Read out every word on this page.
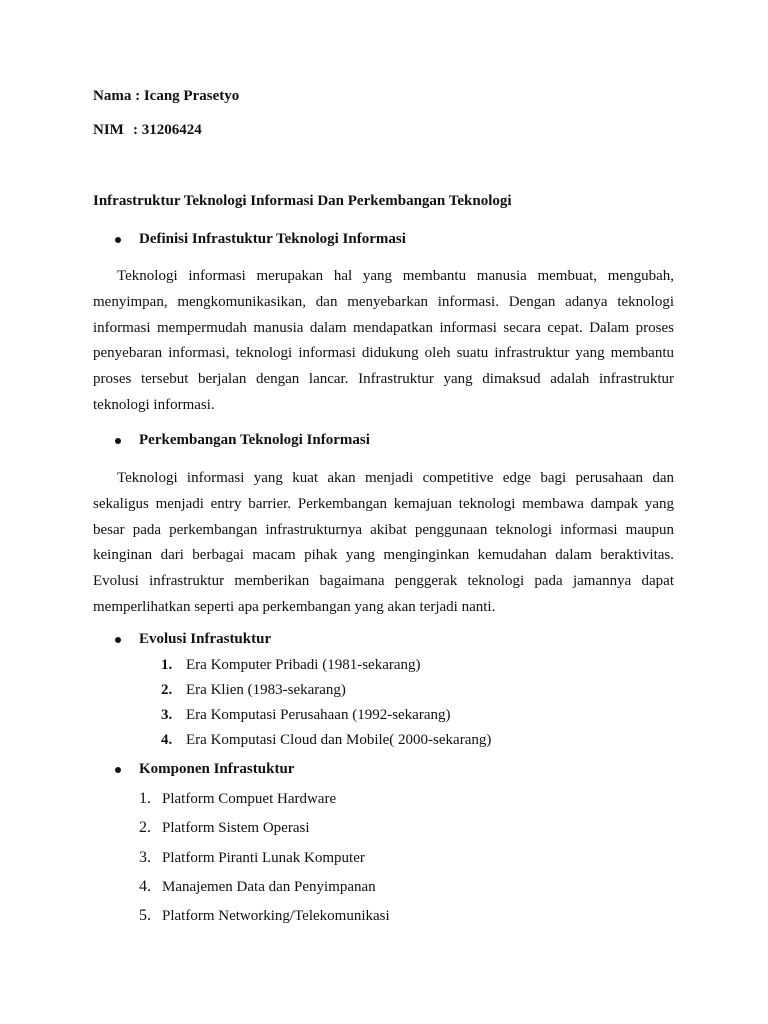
Nama : Icang Prasetyo
NIM : 31206424
Infrastruktur Teknologi Informasi Dan Perkembangan Teknologi
Definisi Infrastuktur Teknologi Informasi
Teknologi informasi merupakan hal yang membantu manusia membuat, mengubah,
menyimpan, mengkomunikasikan, dan menyebarkan informasi. Dengan adanya teknologi
informasi mempermudah manusia dalam mendapatkan informasi secara cepat. Dalam proses
penyebaran informasi, teknologi informasi didukung oleh suatu infrastruktur yang membantu
proses tersebut berjalan dengan lancar. Infrastruktur yang dimaksud adalah infrastruktur
teknologi informasi.
Perkembangan Teknologi Informasi
Teknologi informasi yang kuat akan menjadi competitive edge bagi perusahaan dan
sekaligus menjadi entry barrier. Perkembangan kemajuan teknologi membawa dampak yang
besar pada perkembangan infrastrukturnya akibat penggunaan teknologi informasi maupun
keinginan dari berbagai macam pihak yang menginginkan kemudahan dalam beraktivitas.
Evolusi infrastruktur memberikan bagaimana penggerak teknologi pada jamannya dapat
memperlihatkan seperti apa perkembangan yang akan terjadi nanti.
Evolusi Infrastuktur
1. Era Komputer Pribadi (1981-sekarang)
2. Era Klien (1983-sekarang)
3. Era Komputasi Perusahaan (1992-sekarang)
4. Era Komputasi Cloud dan Mobile( 2000-sekarang)
Komponen Infrastuktur
1. Platform Compuet Hardware
2. Platform Sistem Operasi
3. Platform Piranti Lunak Komputer
4. Manajemen Data dan Penyimpanan
5. Platform Networking/Telekomunikasi
